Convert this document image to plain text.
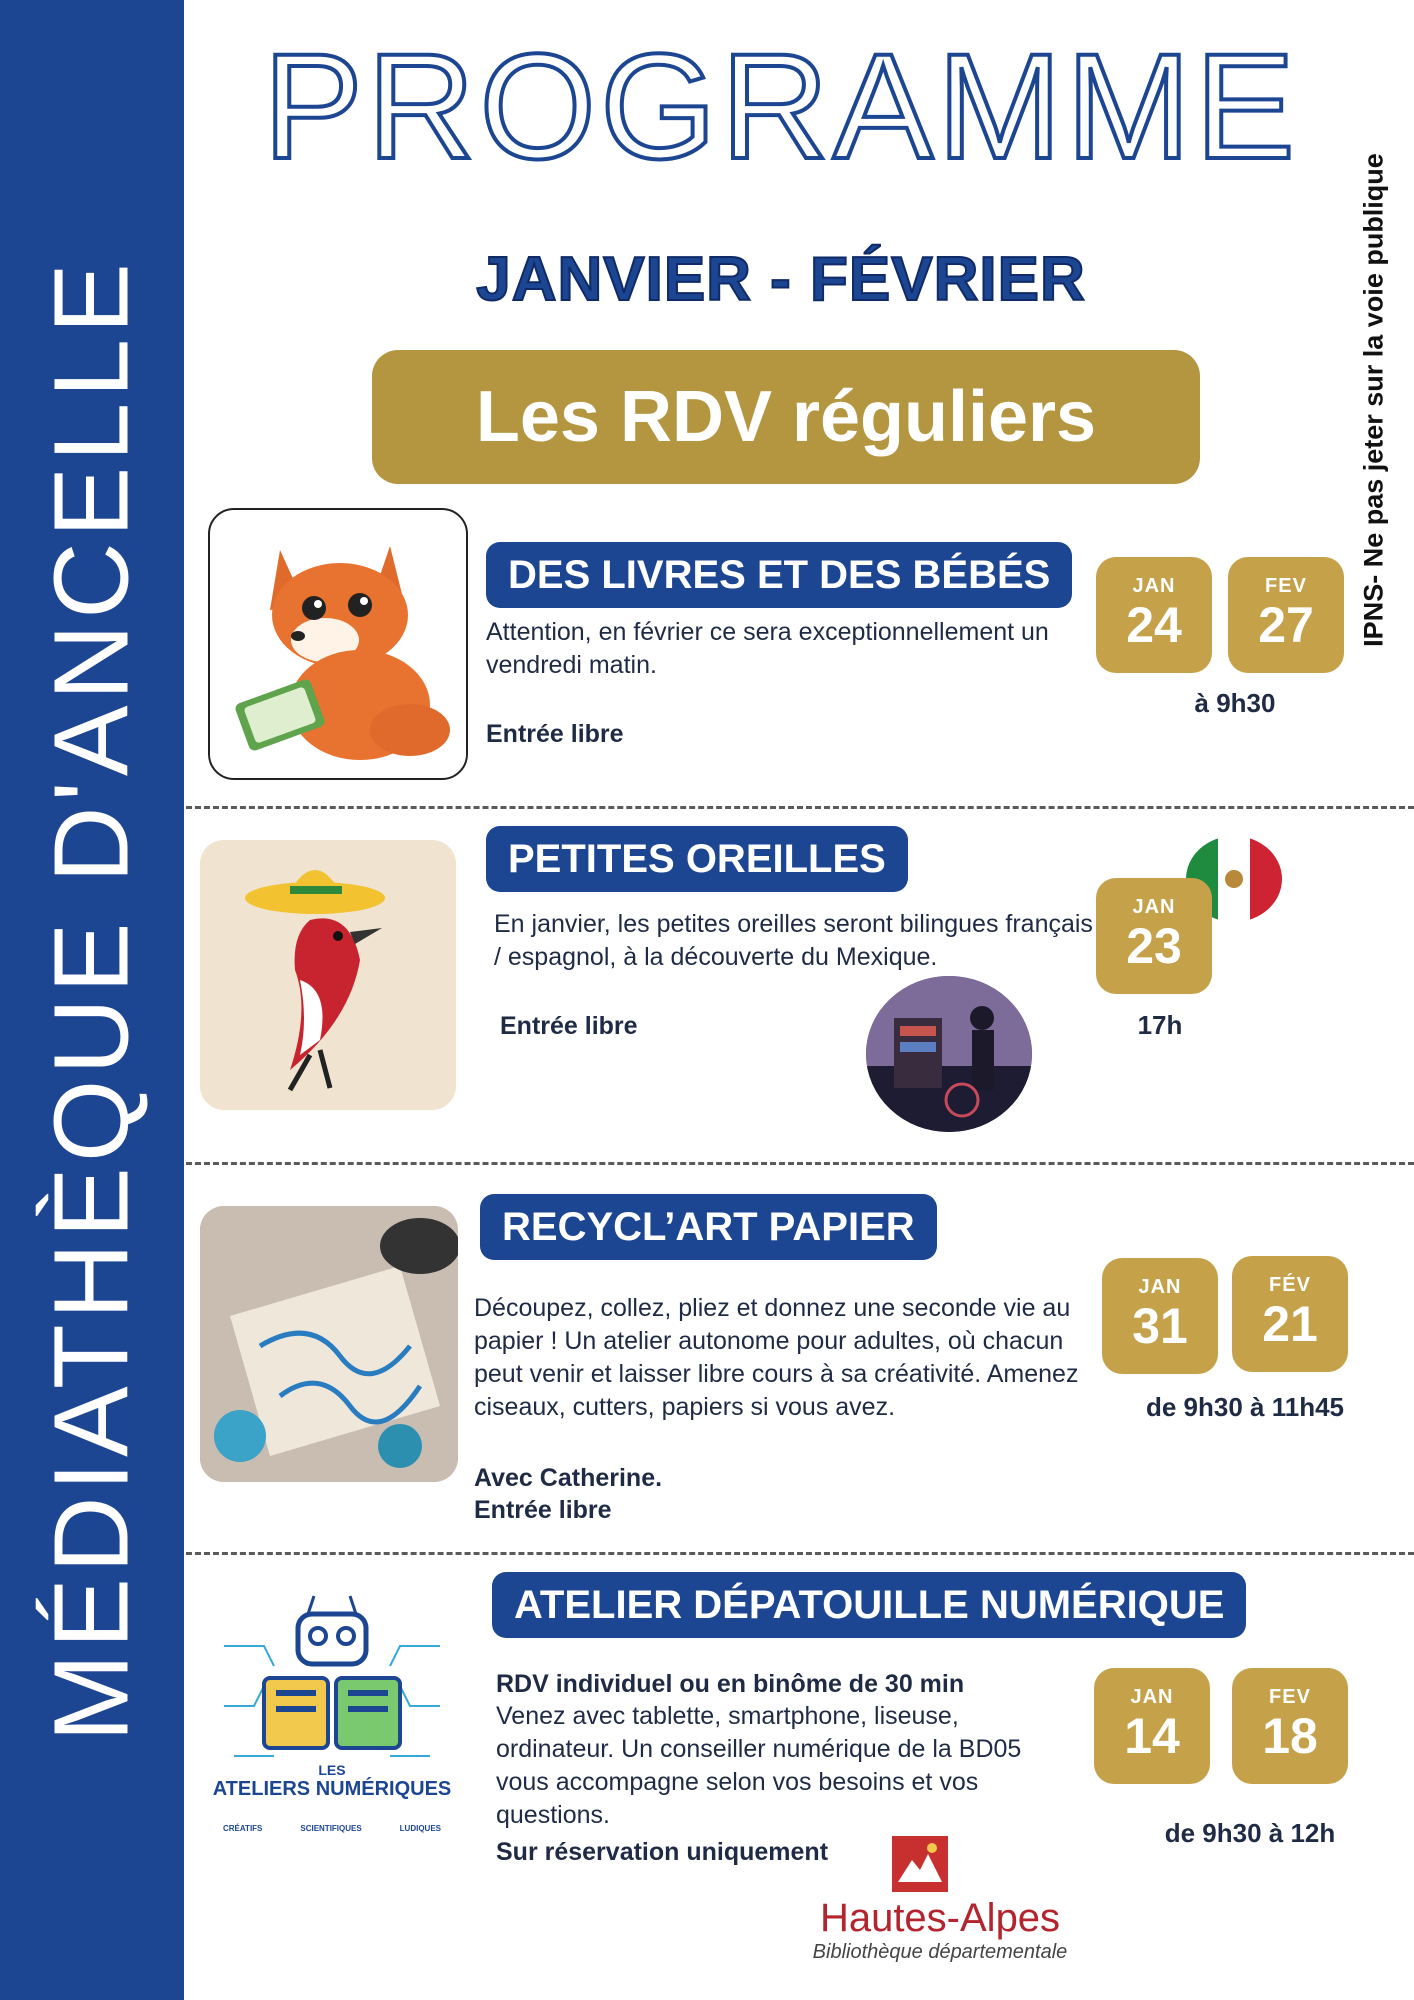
MÉDIATHÈQUE D'ANCELLE	IPNS- Ne pas jeter sur la voie publique
PROGRAMME
JANVIER - FÉVRIER
Les RDV réguliers
DES LIVRES ET DES BÉBÉS
Attention, en février ce sera exceptionnellement un vendredi matin.
Entrée libre
JAN
24
FEV
27
à 9h30
PETITES OREILLES
En janvier, les petites oreilles seront bilingues français / espagnol, à la découverte du Mexique.
Entrée libre
JAN
23
17h
RECYCL’ART PAPIER
Découpez, collez, pliez et donnez une seconde vie au papier ! Un atelier autonome pour adultes, où chacun peut venir et laisser libre cours à sa créativité. Amenez ciseaux, cutters, papiers si vous avez.
Avec Catherine.
Entrée libre
JAN
31
FÉV
21
de 9h30 à 11h45
LES
ATELIERS NUMÉRIQUES
CRÉATIFS	SCIENTIFIQUES	LUDIQUES
ATELIER DÉPATOUILLE NUMÉRIQUE
RDV individuel ou en binôme de 30 min
Venez avec tablette, smartphone, liseuse, ordinateur. Un conseiller numérique de la BD05 vous accompagne selon vos besoins et vos questions.
Sur réservation uniquement
JAN
14
FEV
18
de 9h30 à 12h
Hautes-Alpes
Bibliothèque départementale
